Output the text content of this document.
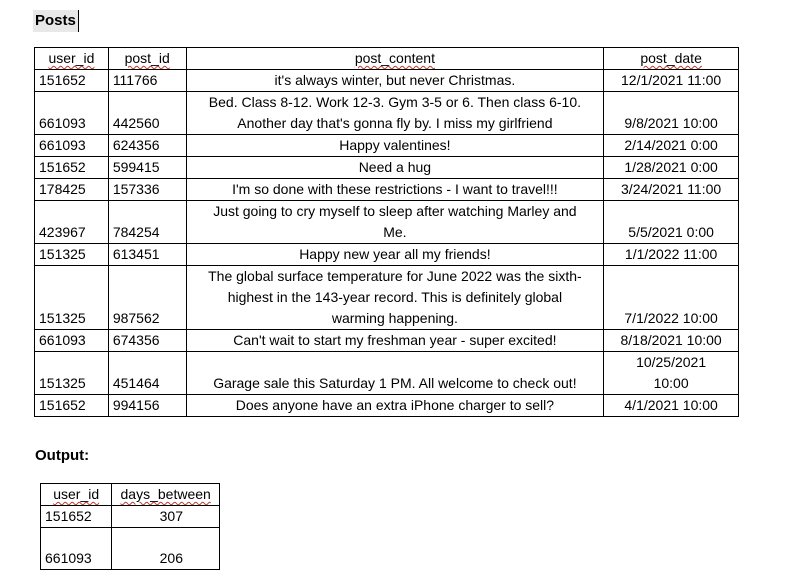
Posts
user_id	post_id	post_content	post_date
151652	111766	it's always winter, but never Christmas.	12/1/2021 11:00

661093	442560	Bed. Class 8-12. Work 12-3. Gym 3-5 or 6. Then class 6-10.
Another day that's gonna fly by. I miss my girlfriend	9/8/2021 10:00

661093	624356	Happy valentines!	2/14/2021 0:00

151652	599415	Need a hug	1/28/2021 0:00

178425	157336	I'm so done with these restrictions - I want to travel!!!	3/24/2021 11:00

423967	784254	Just going to cry myself to sleep after watching Marley and
Me.	5/5/2021 0:00

151325	613451	Happy new year all my friends!	1/1/2022 11:00

151325	987562	The global surface temperature for June 2022 was the sixth-
highest in the 143-year record. This is definitely global
warming happening.	7/1/2022 10:00

661093	674356	Can't wait to start my freshman year - super excited!	8/18/2021 10:00

151325	451464	Garage sale this Saturday 1 PM. All welcome to check out!	10/25/2021
10:00

151652	994156	Does anyone have an extra iPhone charger to sell?	4/1/2021 10:00
Output:
user_id	days_between
151652	307
661093	206
